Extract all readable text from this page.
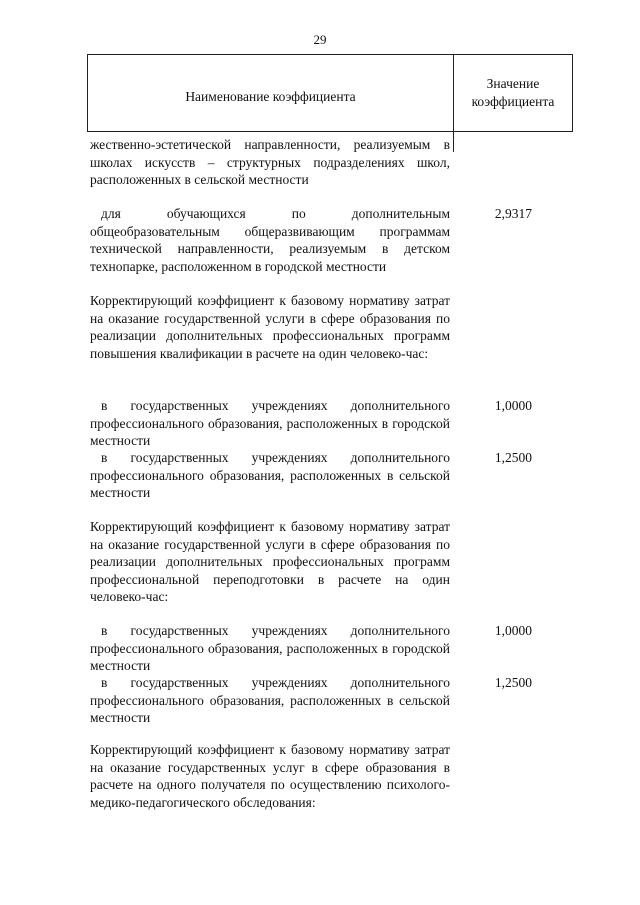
29
Наименование коэффициента
Значение
коэффициента
жественно-эстетической направленности, реализуемым в школах искусств – структурных подразделениях школ, расположенных в сельской местности
для обучающихся по дополнительным общеобразовательным общеразвивающим программам технической направленности, реализуемым в детском технопарке, расположенном в городской местности
2,9317
Корректирующий коэффициент к базовому нормативу затрат на оказание государственной услуги в сфере образования по реализации дополнительных профессиональных программ повышения квалификации в расчете на один человеко-час:
в государственных учреждениях дополнительного профессионального образования, расположенных в городской местности
1,0000
в государственных учреждениях дополнительного профессионального образования, расположенных в сельской местности
1,2500
Корректирующий коэффициент к базовому нормативу затрат на оказание государственной услуги в сфере образования по реализации дополнительных профессиональных программ профессиональной переподготовки в расчете на один человеко-час:
в государственных учреждениях дополнительного профессионального образования, расположенных в городской местности
1,0000
в государственных учреждениях дополнительного профессионального образования, расположенных в сельской местности
1,2500
Корректирующий коэффициент к базовому нормативу затрат на оказание государственных услуг в сфере образования в расчете на одного получателя по осуществлению психолого-медико-педагогического обследования:
